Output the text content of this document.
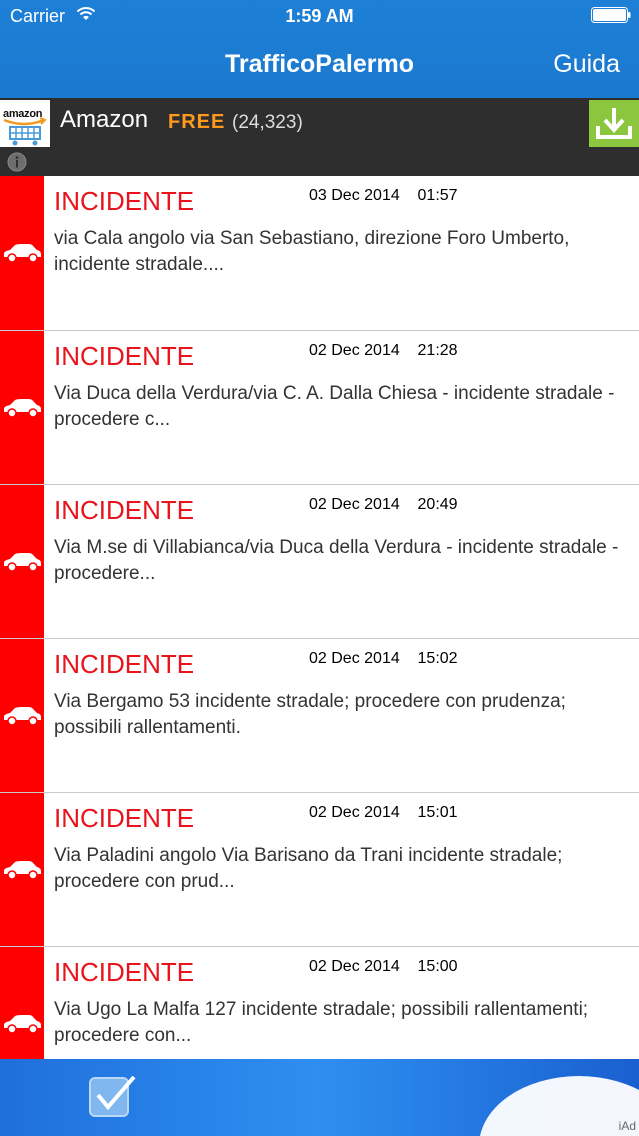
Carrier	1:59 AM
TrafficoPalermo	Guida
amazon Amazon FREE (24,323)
INCIDENTE	03 Dec 2014    01:57
via Cala angolo via San Sebastiano, direzione Foro Umberto, incidente stradale....
INCIDENTE	02 Dec 2014    21:28
Via Duca della Verdura/via C. A. Dalla Chiesa - incidente stradale - procedere c...
INCIDENTE	02 Dec 2014    20:49
Via M.se di Villabianca/via Duca della Verdura - incidente stradale - procedere...
INCIDENTE	02 Dec 2014    15:02
Via Bergamo 53 incidente stradale; procedere con prudenza; possibili rallentamenti.
INCIDENTE	02 Dec 2014    15:01
Via Paladini angolo Via Barisano da Trani incidente stradale; procedere con prud...
INCIDENTE	02 Dec 2014    15:00
Via Ugo La Malfa 127 incidente stradale; possibili rallentamenti; procedere con...
iAd
